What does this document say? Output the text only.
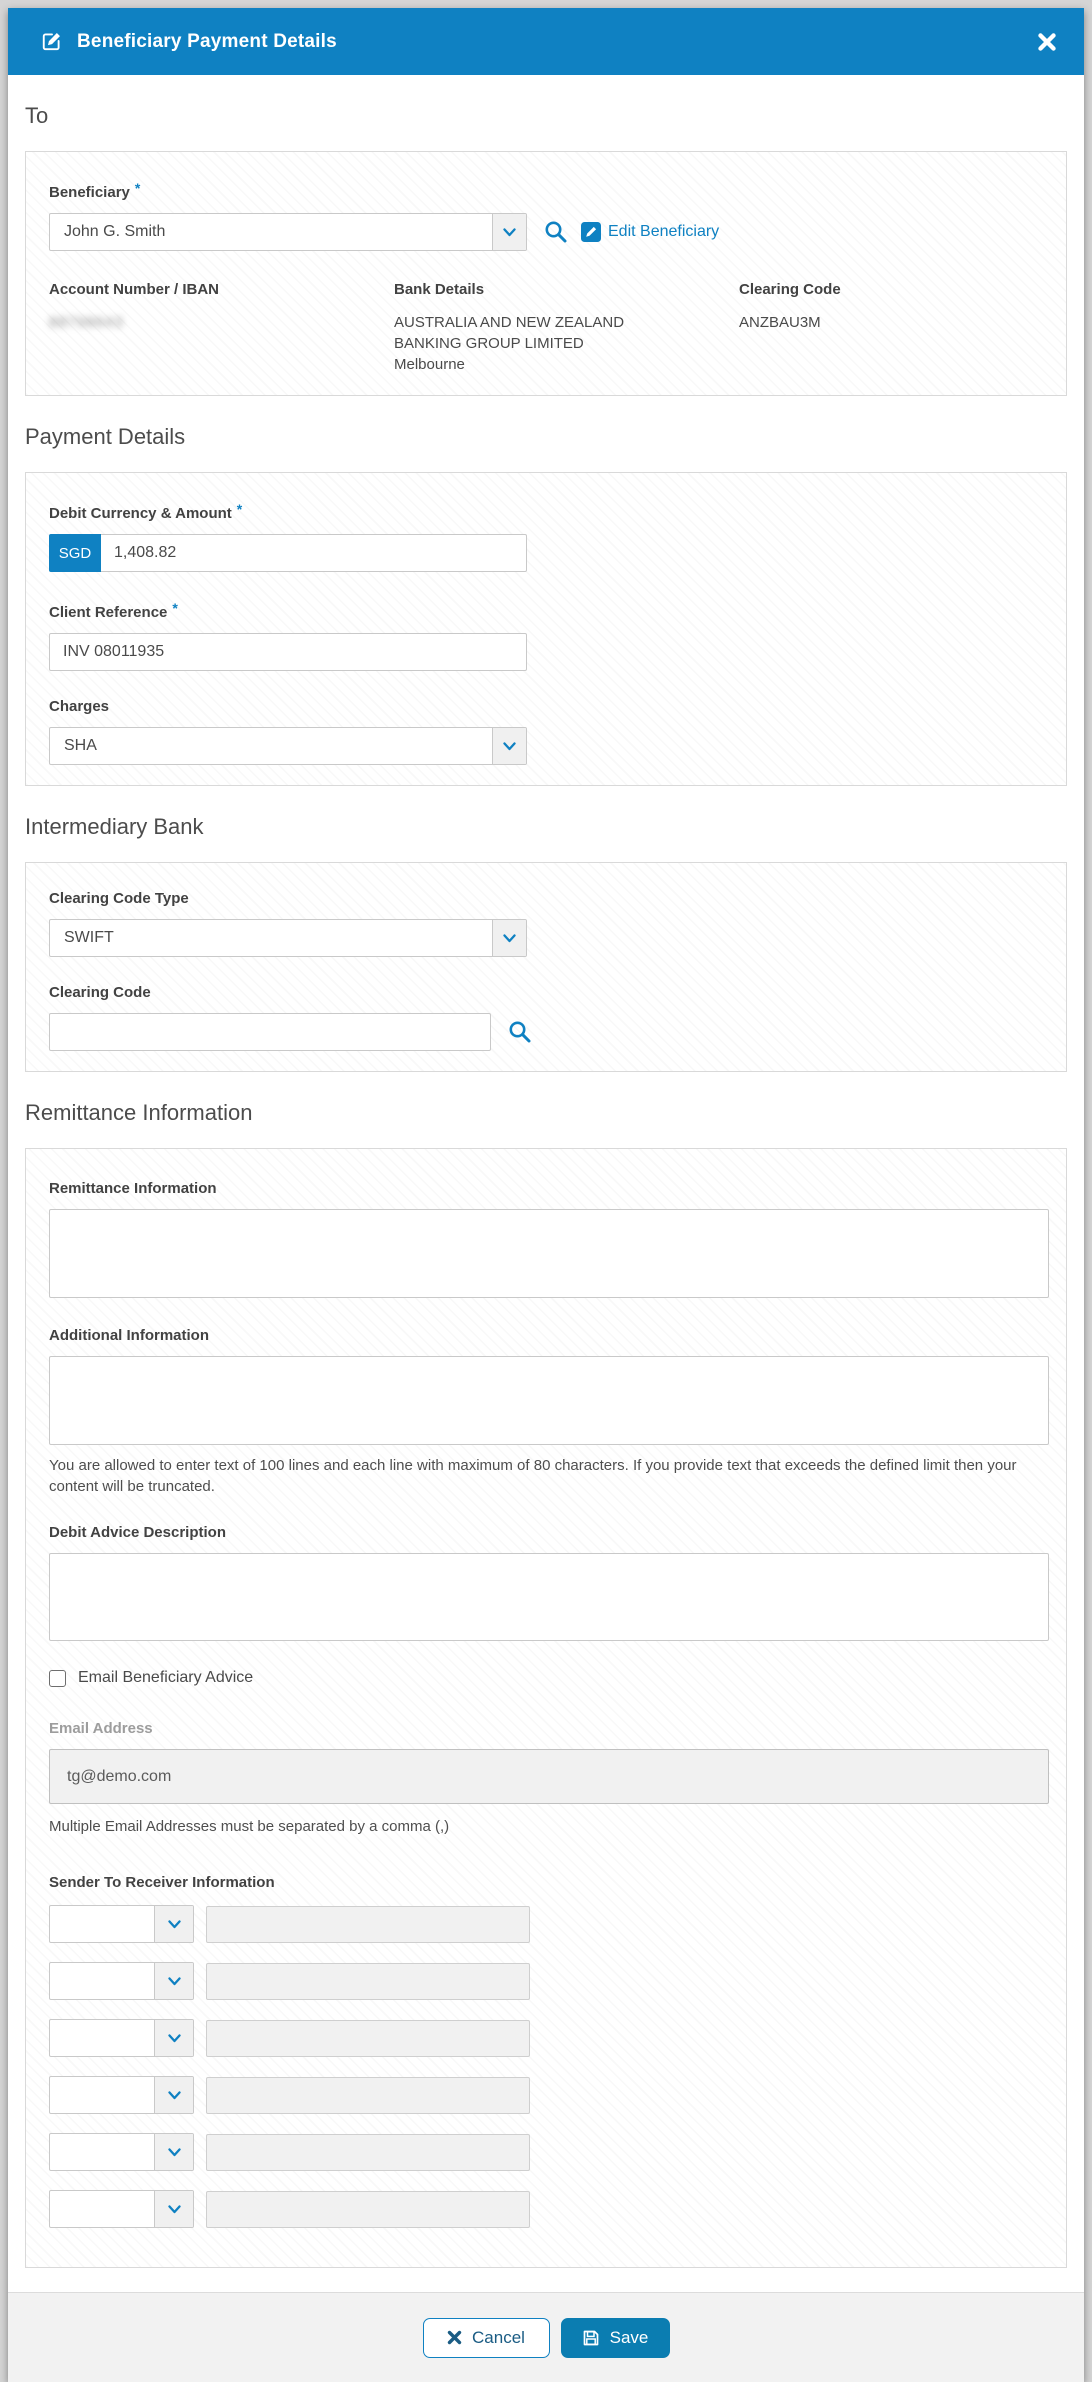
Beneficiary Payment Details
To
Beneficiary *
John G. Smith	Edit Beneficiary
Account Number / IBAN
88798643
Bank Details
AUSTRALIA AND NEW ZEALAND BANKING GROUP LIMITED
Melbourne
Clearing Code
ANZBAU3M
Payment Details
Debit Currency & Amount *
SGD
1,408.82
Client Reference *
INV 08011935
Charges
SHA
Intermediary Bank
Clearing Code Type
SWIFT
Clearing Code
Remittance Information
Remittance Information
Additional Information
You are allowed to enter text of 100 lines and each line with maximum of 80 characters. If you provide text that exceeds the defined limit then your content will be truncated.
Debit Advice Description
Email Beneficiary Advice
Email Address
tg@demo.com
Multiple Email Addresses must be separated by a comma (,)
Sender To Receiver Information
Cancel	Save
